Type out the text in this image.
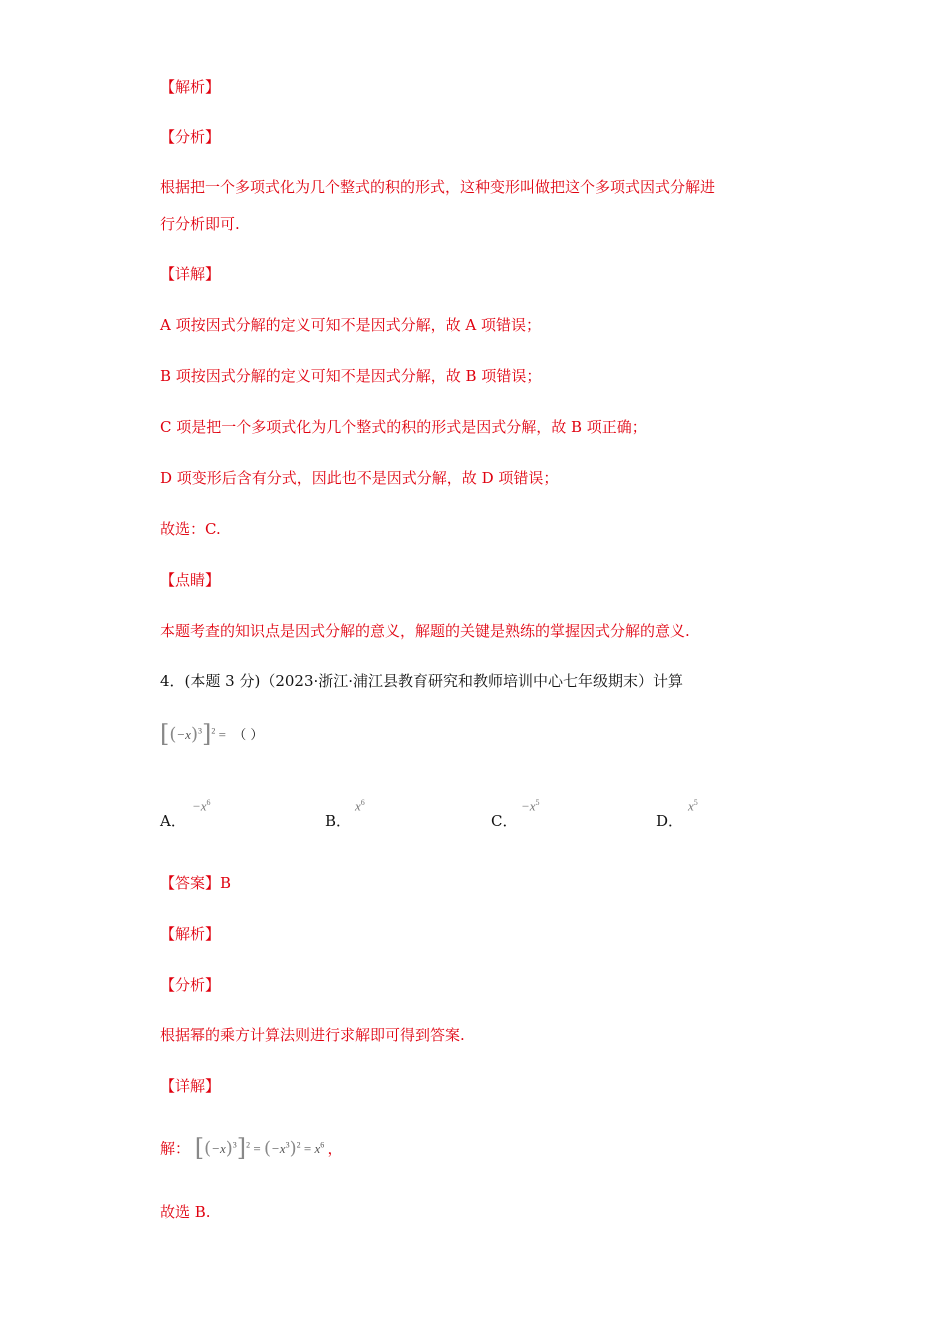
【解析】
【分析】
根据把一个多项式化为几个整式的积的形式，这种变形叫做把这个多项式因式分解进
行分析即可.
【详解】
A 项按因式分解的定义可知不是因式分解，故 A 项错误；
B 项按因式分解的定义可知不是因式分解，故 B 项错误；
C 项是把一个多项式化为几个整式的积的形式是因式分解，故 B 项正确；
D 项变形后含有分式，因此也不是因式分解，故 D 项错误；
故选：C.
【点睛】
本题考查的知识点是因式分解的意义，解题的关键是熟练的掌握因式分解的意义.
4．(本题 3 分)（2023·浙江·浦江县教育研究和教师培训中心七年级期末）计算
$[(-x)^3]^2$ = （ ）
A．
$-x^6$
B．
$x^6$
C．
$-x^5$
D．
$x^5$
【答案】B
【解析】
【分析】
根据幂的乘方计算法则进行求解即可得到答案.
【详解】
解： $[(-x)^3]^2 = (-x^3)^2 = x^6$ ，
故选 B.
